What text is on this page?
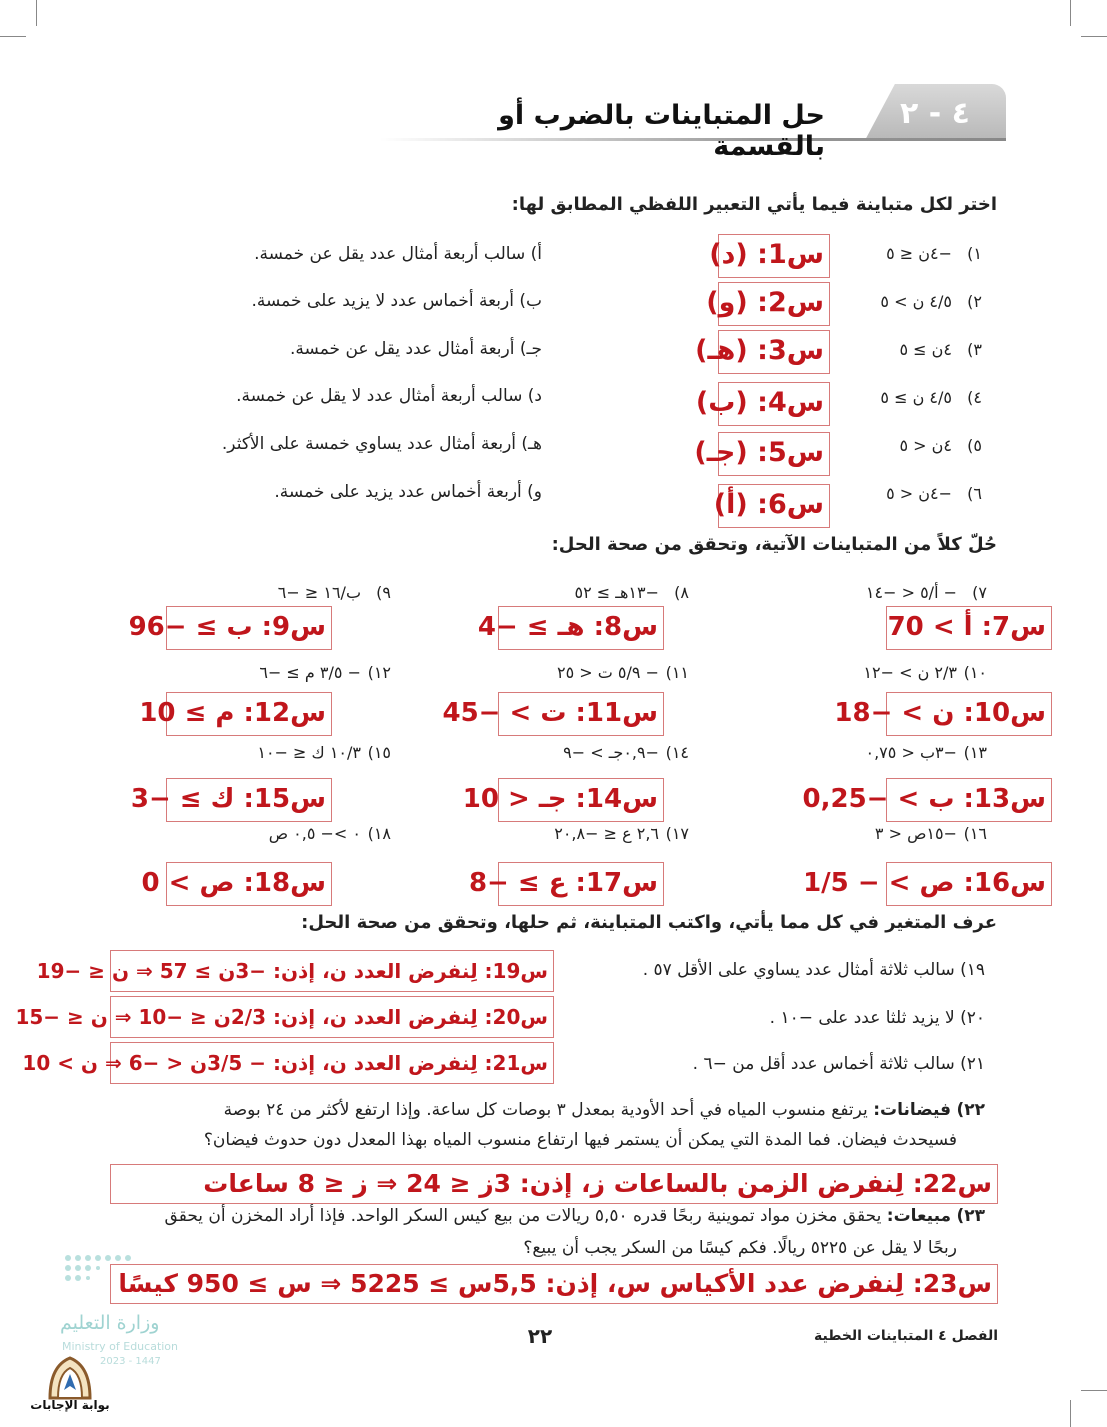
٤ - ٢
حل المتباينات بالضرب أو بالقسمة
اختر لكل متباينة فيما يأتي التعبير اللفظي المطابق لها:
١)
−٤ن ≤ ٥
٢)
٤/٥ ن > ٥
٣)
٤ن ≥ ٥
٤)
٤/٥ ن ≥ ٥
٥)
٤ن < ٥
٦)
−٤ن < ٥
س1: (د)
س2: (و)
س3: (هـ)
س4: (ب)
س5: (جـ)
س6: (أ)
أ) سالب أربعة أمثال عدد يقل عن خمسة.
ب) أربعة أخماس عدد لا يزيد على خمسة.
جـ) أربعة أمثال عدد يقل عن خمسة.
د) سالب أربعة أمثال عدد لا يقل عن خمسة.
هـ) أربعة أمثال عدد يساوي خمسة على الأكثر.
و) أربعة أخماس عدد يزيد على خمسة.
حُلّ كلاً من المتباينات الآتية، وتحقق من صحة الحل:
٧)
− أ/٥ < −١٤
٨)
−١٣هـ ≥ ٥٢
٩)
ب/١٦ ≤ −٦
س7: أ > 70
س8: هـ ≥ −4
س9: ب ≥ −96
١٠)
٢/٣ ن > −١٢
١١)
− ٥/٩ ت < ٢٥
١٢)
− ٣/٥ م ≥ −٦
س10: ن > −18
س11: ت > −45
س12: م ≥ 10
١٣)
−٣ب < ٠,٧٥
١٤)
−٠,٩جـ > −٩
١٥)
١٠/٣ ك ≤ −١٠
س13: ب > −0,25
س14: جـ < 10
س15: ك ≥ −3
١٦)
−١٥ص < ٣
١٧)
٢,٦ ع ≤ −٢٠,٨
١٨)
٠ >− ٠,٥ ص
س16: ص > − 1/5
س17: ع ≥ −8
س18: ص > 0
عرف المتغير في كل مما يأتي، واكتب المتباينة، ثم حلها، وتحقق من صحة الحل:
١٩) سالب ثلاثة أمثال عدد يساوي على الأقل ٥٧ .
٢٠) لا يزيد ثلثا عدد على −١٠ .
٢١) سالب ثلاثة أخماس عدد أقل من −٦ .
س19: لِنفرض العدد ن، إذن: −3ن ≥ 57 ⇒ ن ≤ −19
س20: لِنفرض العدد ن، إذن: 2/3ن ≤ −10 ⇒ ن ≤ −15
س21: لِنفرض العدد ن، إذن: − 3/5ن < −6 ⇒ ن > 10
٢٢) فيضانات: يرتفع منسوب المياه في أحد الأودية بمعدل ٣ بوصات كل ساعة. وإذا ارتفع لأكثر من ٢٤ بوصة
فسيحدث فيضان. فما المدة التي يمكن أن يستمر فيها ارتفاع منسوب المياه بهذا المعدل دون حدوث فيضان؟
س22: لِنفرض الزمن بالساعات ز، إذن: 3ز ≤ 24 ⇒ ز ≤ 8 ساعات
٢٣) مبيعات: يحقق مخزن مواد تموينية ربحًا قدره ٥,٥٠ ريالات من بيع كيس السكر الواحد. فإذا أراد المخزن أن يحقق
ربحًا لا يقل عن ٥٢٢٥ ريالًا. فكم كيسًا من السكر يجب أن يبيع؟
س23: لِنفرض عدد الأكياس س، إذن: 5,5س ≥ 5225 ⇒ س ≥ 950 كيسًا
الفصل ٤ المتباينات الخطية
٢٢
وزارة التعليم
Ministry of Education
2023 - 1447
بوابة الإجابات
